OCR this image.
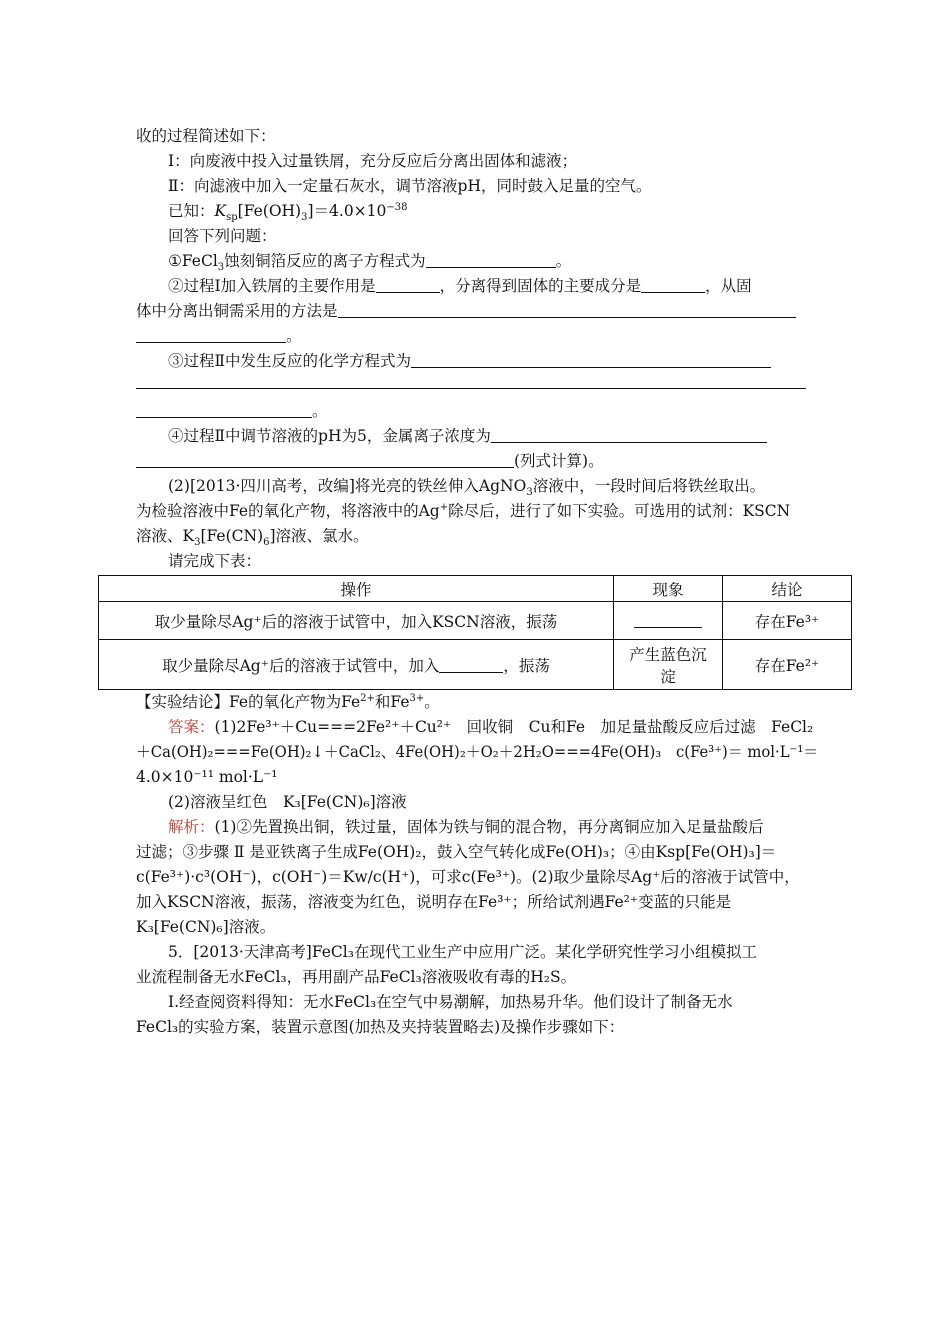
收的过程简述如下：
Ⅰ：向废液中投入过量铁屑，充分反应后分离出固体和滤液；
Ⅱ：向滤液中加入一定量石灰水，调节溶液pH，同时鼓入足量的空气。
已知：$K_{sp}[Fe(OH)_3]=4.0\times 10^{-38}$
回答下列问题：
①FeCl$_3$蚀刻铜箔反应的离子方程式为	。
②过程Ⅰ加入铁屑的主要作用是	，分离得到固体的主要成分是	，从固
体中分离出铜需采用的方法是
。
③过程Ⅱ中发生反应的化学方程式为
。
④过程Ⅱ中调节溶液的pH为5，金属离子浓度为
(列式计算)。
(2)[2013·四川高考，改编]将光亮的铁丝伸入AgNO$_3$溶液中，一段时间后将铁丝取出。
为检验溶液中Fe的氧化产物，将溶液中的Ag+除尽后，进行了如下实验。可选用的试剂：KSCN
溶液、$K_3[Fe(CN)_6]$溶液、氯水。
请完成下表：
操作	现象	结论
取少量除尽Ag⁺后的溶液于试管中，加入KSCN溶液，振荡		存在Fe³⁺
取少量除尽Ag⁺后的溶液于试管中，加入 ，振荡	产生蓝色沉
淀	存在Fe²⁺
【实验结论】Fe的氧化产物为$Fe^{2+}$和$Fe^{3+}$。
答案：(1)2Fe³⁺＋Cu===2Fe²⁺＋Cu²⁺　回收铜　Cu和Fe　加足量盐酸反应后过滤　FeCl₂
＋Ca(OH)₂===Fe(OH)₂↓＋CaCl₂、4Fe(OH)₂＋O₂＋2H₂O===4Fe(OH)₃　c(Fe³⁺)＝ mol·L⁻¹＝
4.0×10⁻¹¹ mol·L⁻¹
(2)溶液呈红色　K₃[Fe(CN)₆]溶液
解析：(1)②先置换出铜，铁过量，固体为铁与铜的混合物，再分离铜应加入足量盐酸后
过滤；③步骤 Ⅱ 是亚铁离子生成Fe(OH)₂，鼓入空气转化成Fe(OH)₃；④由Ksp[Fe(OH)₃]＝
c(Fe³⁺)·c³(OH⁻)，c(OH⁻)＝Kw/c(H⁺)，可求c(Fe³⁺)。(2)取少量除尽Ag⁺后的溶液于试管中，
加入KSCN溶液，振荡，溶液变为红色，说明存在Fe³⁺；所给试剂遇Fe²⁺变蓝的只能是
K₃[Fe(CN)₆]溶液。
5．[2013·天津高考]FeCl₃在现代工业生产中应用广泛。某化学研究性学习小组模拟工
业流程制备无水FeCl₃，再用副产品FeCl₃溶液吸收有毒的H₂S。
Ⅰ.经查阅资料得知：无水FeCl₃在空气中易潮解，加热易升华。他们设计了制备无水
FeCl₃的实验方案，装置示意图(加热及夹持装置略去)及操作步骤如下：
